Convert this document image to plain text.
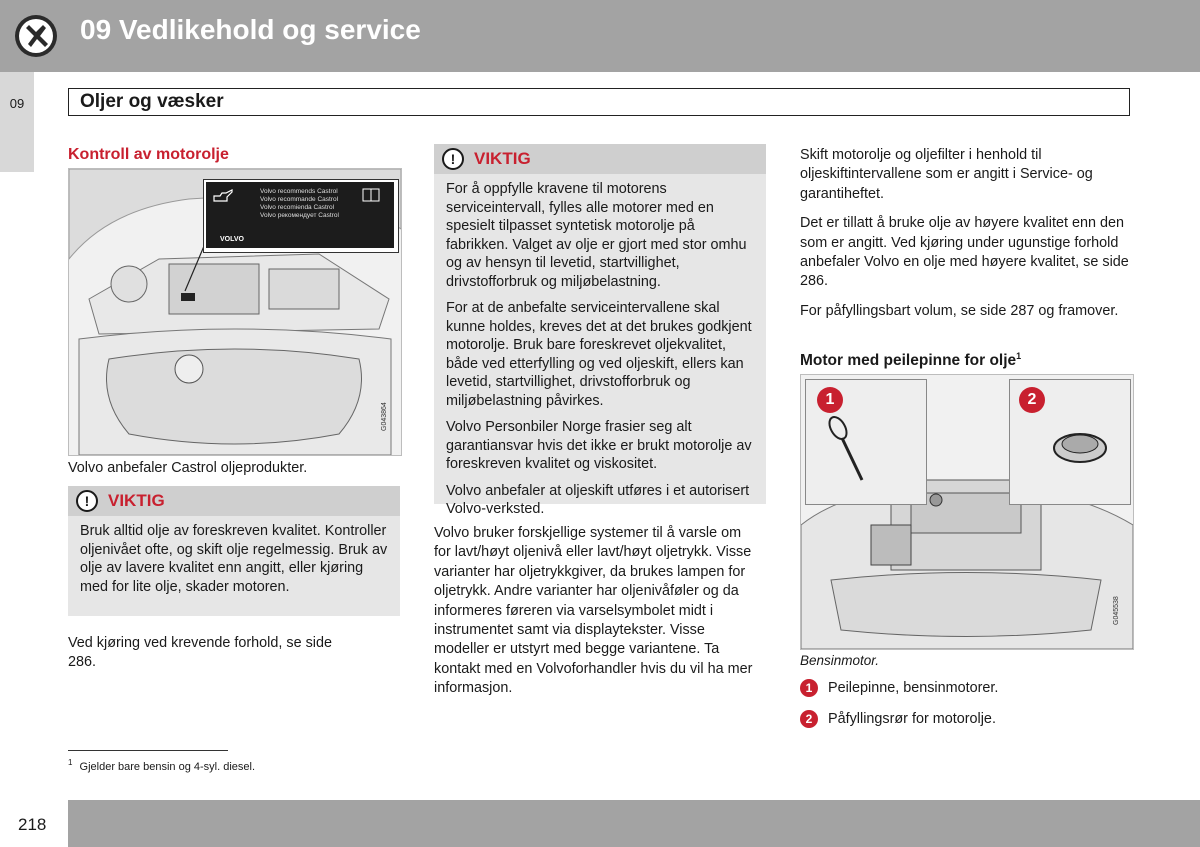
09 Vedlikehold og service
09	Oljer og væsker
Kontroll av motorolje
Volvo recommends Castrol
Volvo recommande Castrol
Volvo recomienda Castrol
Volvo рекомендует Castrol
VOLVO
G043864
Volvo anbefaler Castrol oljeprodukter.
!	VIKTIG
Bruk alltid olje av foreskreven kvalitet. Kontroller oljenivået ofte, og skift olje regelmessig. Bruk av olje av lavere kvalitet enn angitt, eller kjøring med for lite olje, skader motoren.
Ved kjøring ved krevende forhold, se side 286.
!	VIKTIG

For å oppfylle kravene til motorens serviceintervall, fylles alle motorer med en spesielt tilpasset syntetisk motorolje på fabrikken. Valget av olje er gjort med stor omhu og av hensyn til levetid, startvillighet, drivstofforbruk og miljøbelastning.

For at de anbefalte serviceintervallene skal kunne holdes, kreves det at det brukes godkjent motorolje. Bruk bare foreskrevet oljekvalitet, både ved etterfylling og ved oljeskift, ellers kan levetid, startvillighet, drivstofforbruk og miljøbelastning påvirkes.

Volvo Personbiler Norge frasier seg alt garantiansvar hvis det ikke er brukt motorolje av foreskreven kvalitet og viskositet.

Volvo anbefaler at oljeskift utføres i et autorisert Volvo-verksted.

Volvo bruker forskjellige systemer til å varsle om for lavt/høyt oljenivå eller lavt/høyt oljetrykk. Visse varianter har oljetrykkgiver, da brukes lampen for oljetrykk. Andre varianter har oljenivåføler og da informeres føreren via varselsymbolet midt i instrumentet samt via displaytekster. Visse modeller er utstyrt med begge variantene. Ta kontakt med en Volvoforhandler hvis du vil ha mer informasjon.

Skift motorolje og oljefilter i henhold til oljeskiftintervallene som er angitt i Service- og garantiheftet.

Det er tillatt å bruke olje av høyere kvalitet enn den som er angitt. Ved kjøring under ugunstige forhold anbefaler Volvo en olje med høyere kvalitet, se side 286.

For påfyllingsbart volum, se side 287 og framover.

Motor med peilepinne for olje$^1$
1	2
G045538
Bensinmotor.
1 Peilepinne, bensinmotorer.
2 Påfyllingsrør for motorolje.
$^1$ Gjelder bare bensin og 4-syl. diesel.
218
